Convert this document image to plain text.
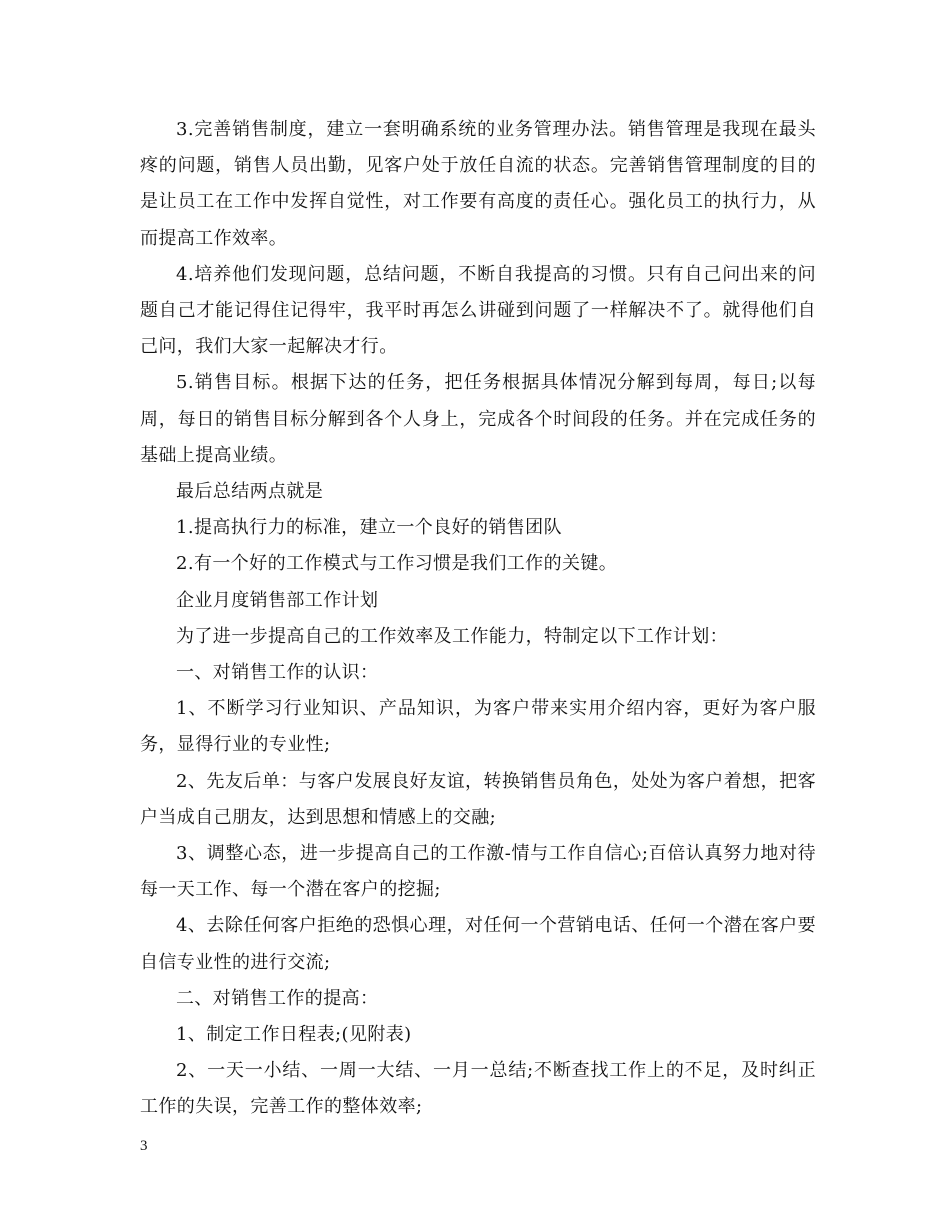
3.完善销售制度，建立一套明确系统的业务管理办法。销售管理是我现在最头疼的问题，销售人员出勤，见客户处于放任自流的状态。完善销售管理制度的目的是让员工在工作中发挥自觉性，对工作要有高度的责任心。强化员工的执行力，从而提高工作效率。

4.培养他们发现问题，总结问题，不断自我提高的习惯。只有自己问出来的问题自己才能记得住记得牢，我平时再怎么讲碰到问题了一样解决不了。就得他们自己问，我们大家一起解决才行。

5.销售目标。根据下达的任务，把任务根据具体情况分解到每周，每日;以每周，每日的销售目标分解到各个人身上，完成各个时间段的任务。并在完成任务的基础上提高业绩。

最后总结两点就是

1.提高执行力的标准，建立一个良好的销售团队

2.有一个好的工作模式与工作习惯是我们工作的关键。

企业月度销售部工作计划

为了进一步提高自己的工作效率及工作能力，特制定以下工作计划：

一、对销售工作的认识：

1、不断学习行业知识、产品知识，为客户带来实用介绍内容，更好为客户服务，显得行业的专业性;

2、先友后单：与客户发展良好友谊，转换销售员角色，处处为客户着想，把客户当成自己朋友，达到思想和情感上的交融;

3、调整心态，进一步提高自己的工作激-情与工作自信心;百倍认真努力地对待每一天工作、每一个潜在客户的挖掘;

4、去除任何客户拒绝的恐惧心理，对任何一个营销电话、任何一个潜在客户要自信专业性的进行交流;

二、对销售工作的提高：

1、制定工作日程表;(见附表)

2、一天一小结、一周一大结、一月一总结;不断查找工作上的不足，及时纠正工作的失误，完善工作的整体效率;

3
